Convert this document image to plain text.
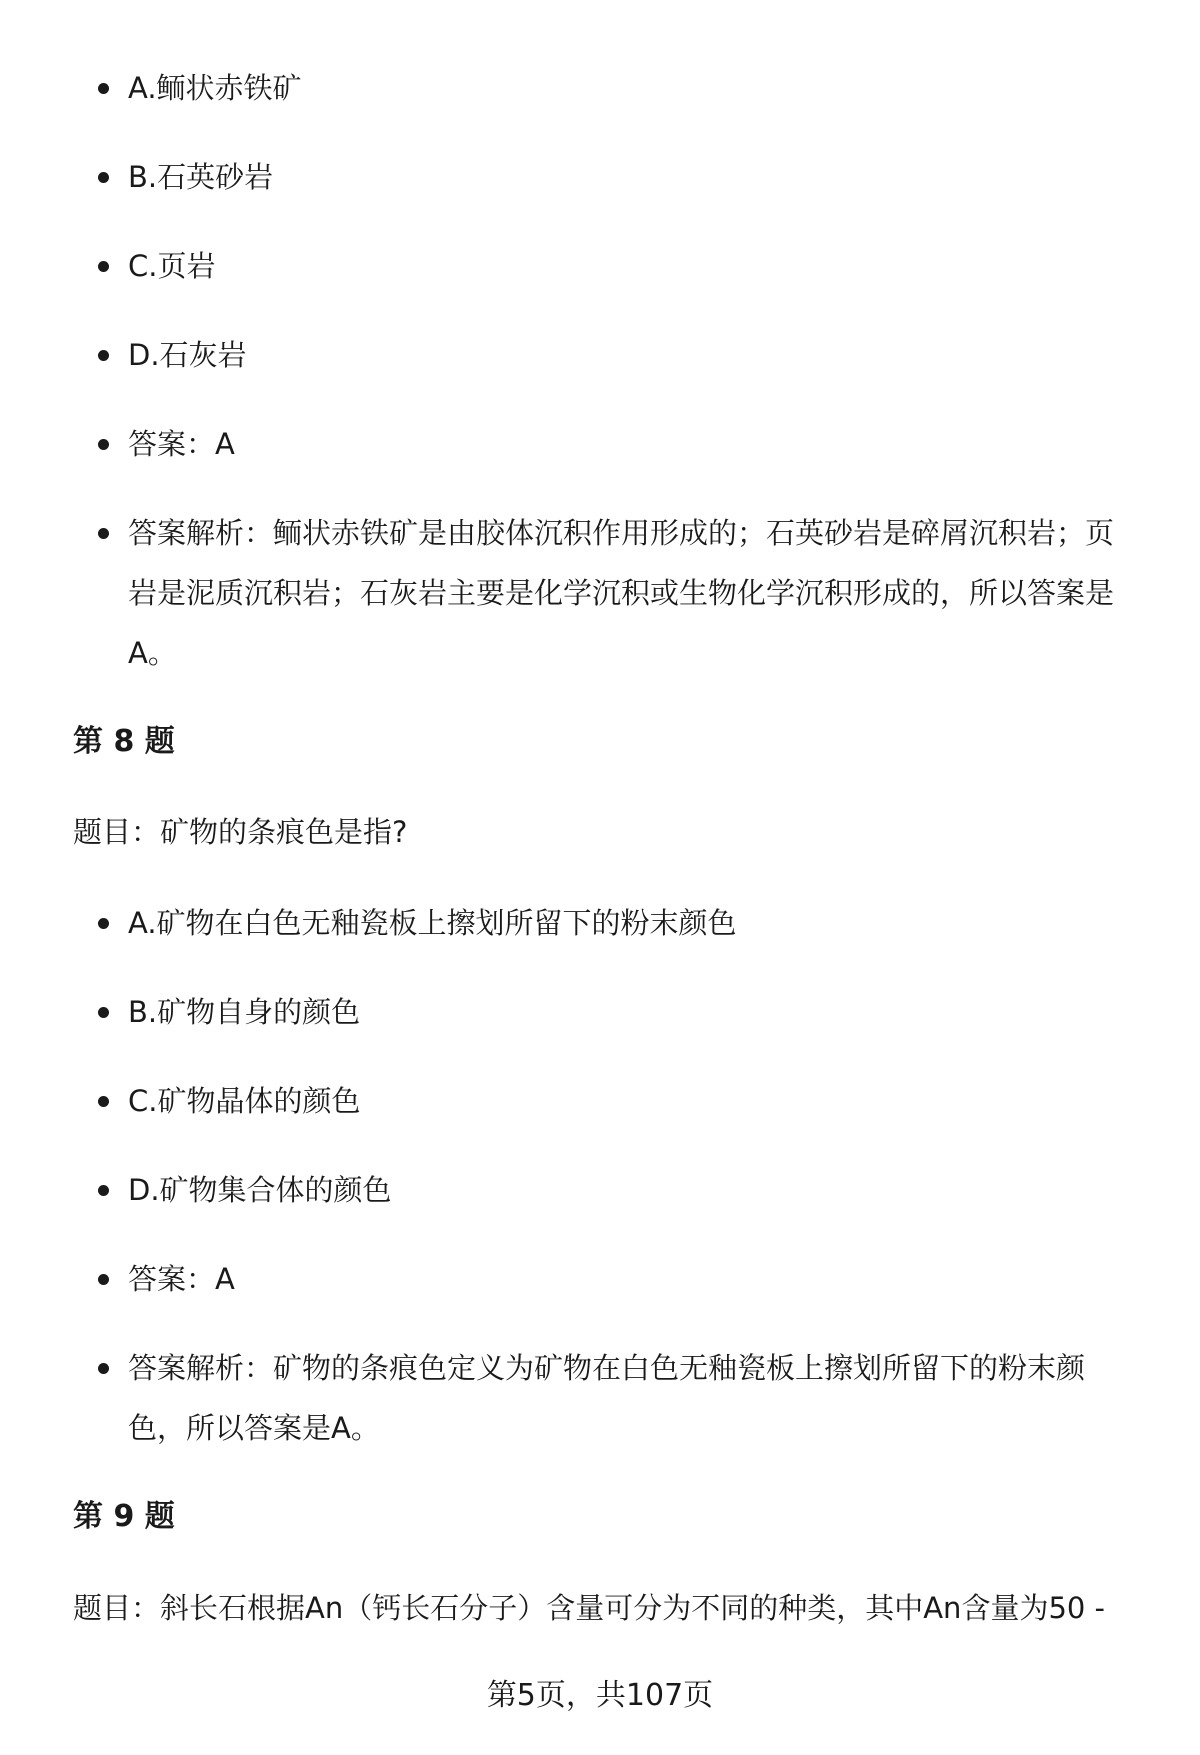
A.鲕状赤铁矿
B.石英砂岩
C.页岩
D.石灰岩
答案：A
答案解析：鲕状赤铁矿是由胶体沉积作用形成的；石英砂岩是碎屑沉积岩；页岩是泥质沉积岩；石灰岩主要是化学沉积或生物化学沉积形成的，所以答案是A。
第 8 题
题目：矿物的条痕色是指?
A.矿物在白色无釉瓷板上擦划所留下的粉末颜色
B.矿物自身的颜色
C.矿物晶体的颜色
D.矿物集合体的颜色
答案：A
答案解析：矿物的条痕色定义为矿物在白色无釉瓷板上擦划所留下的粉末颜色，所以答案是A。
第 9 题
题目：斜长石根据An（钙长石分子）含量可分为不同的种类，其中An含量为50 -
第5页，共107页
